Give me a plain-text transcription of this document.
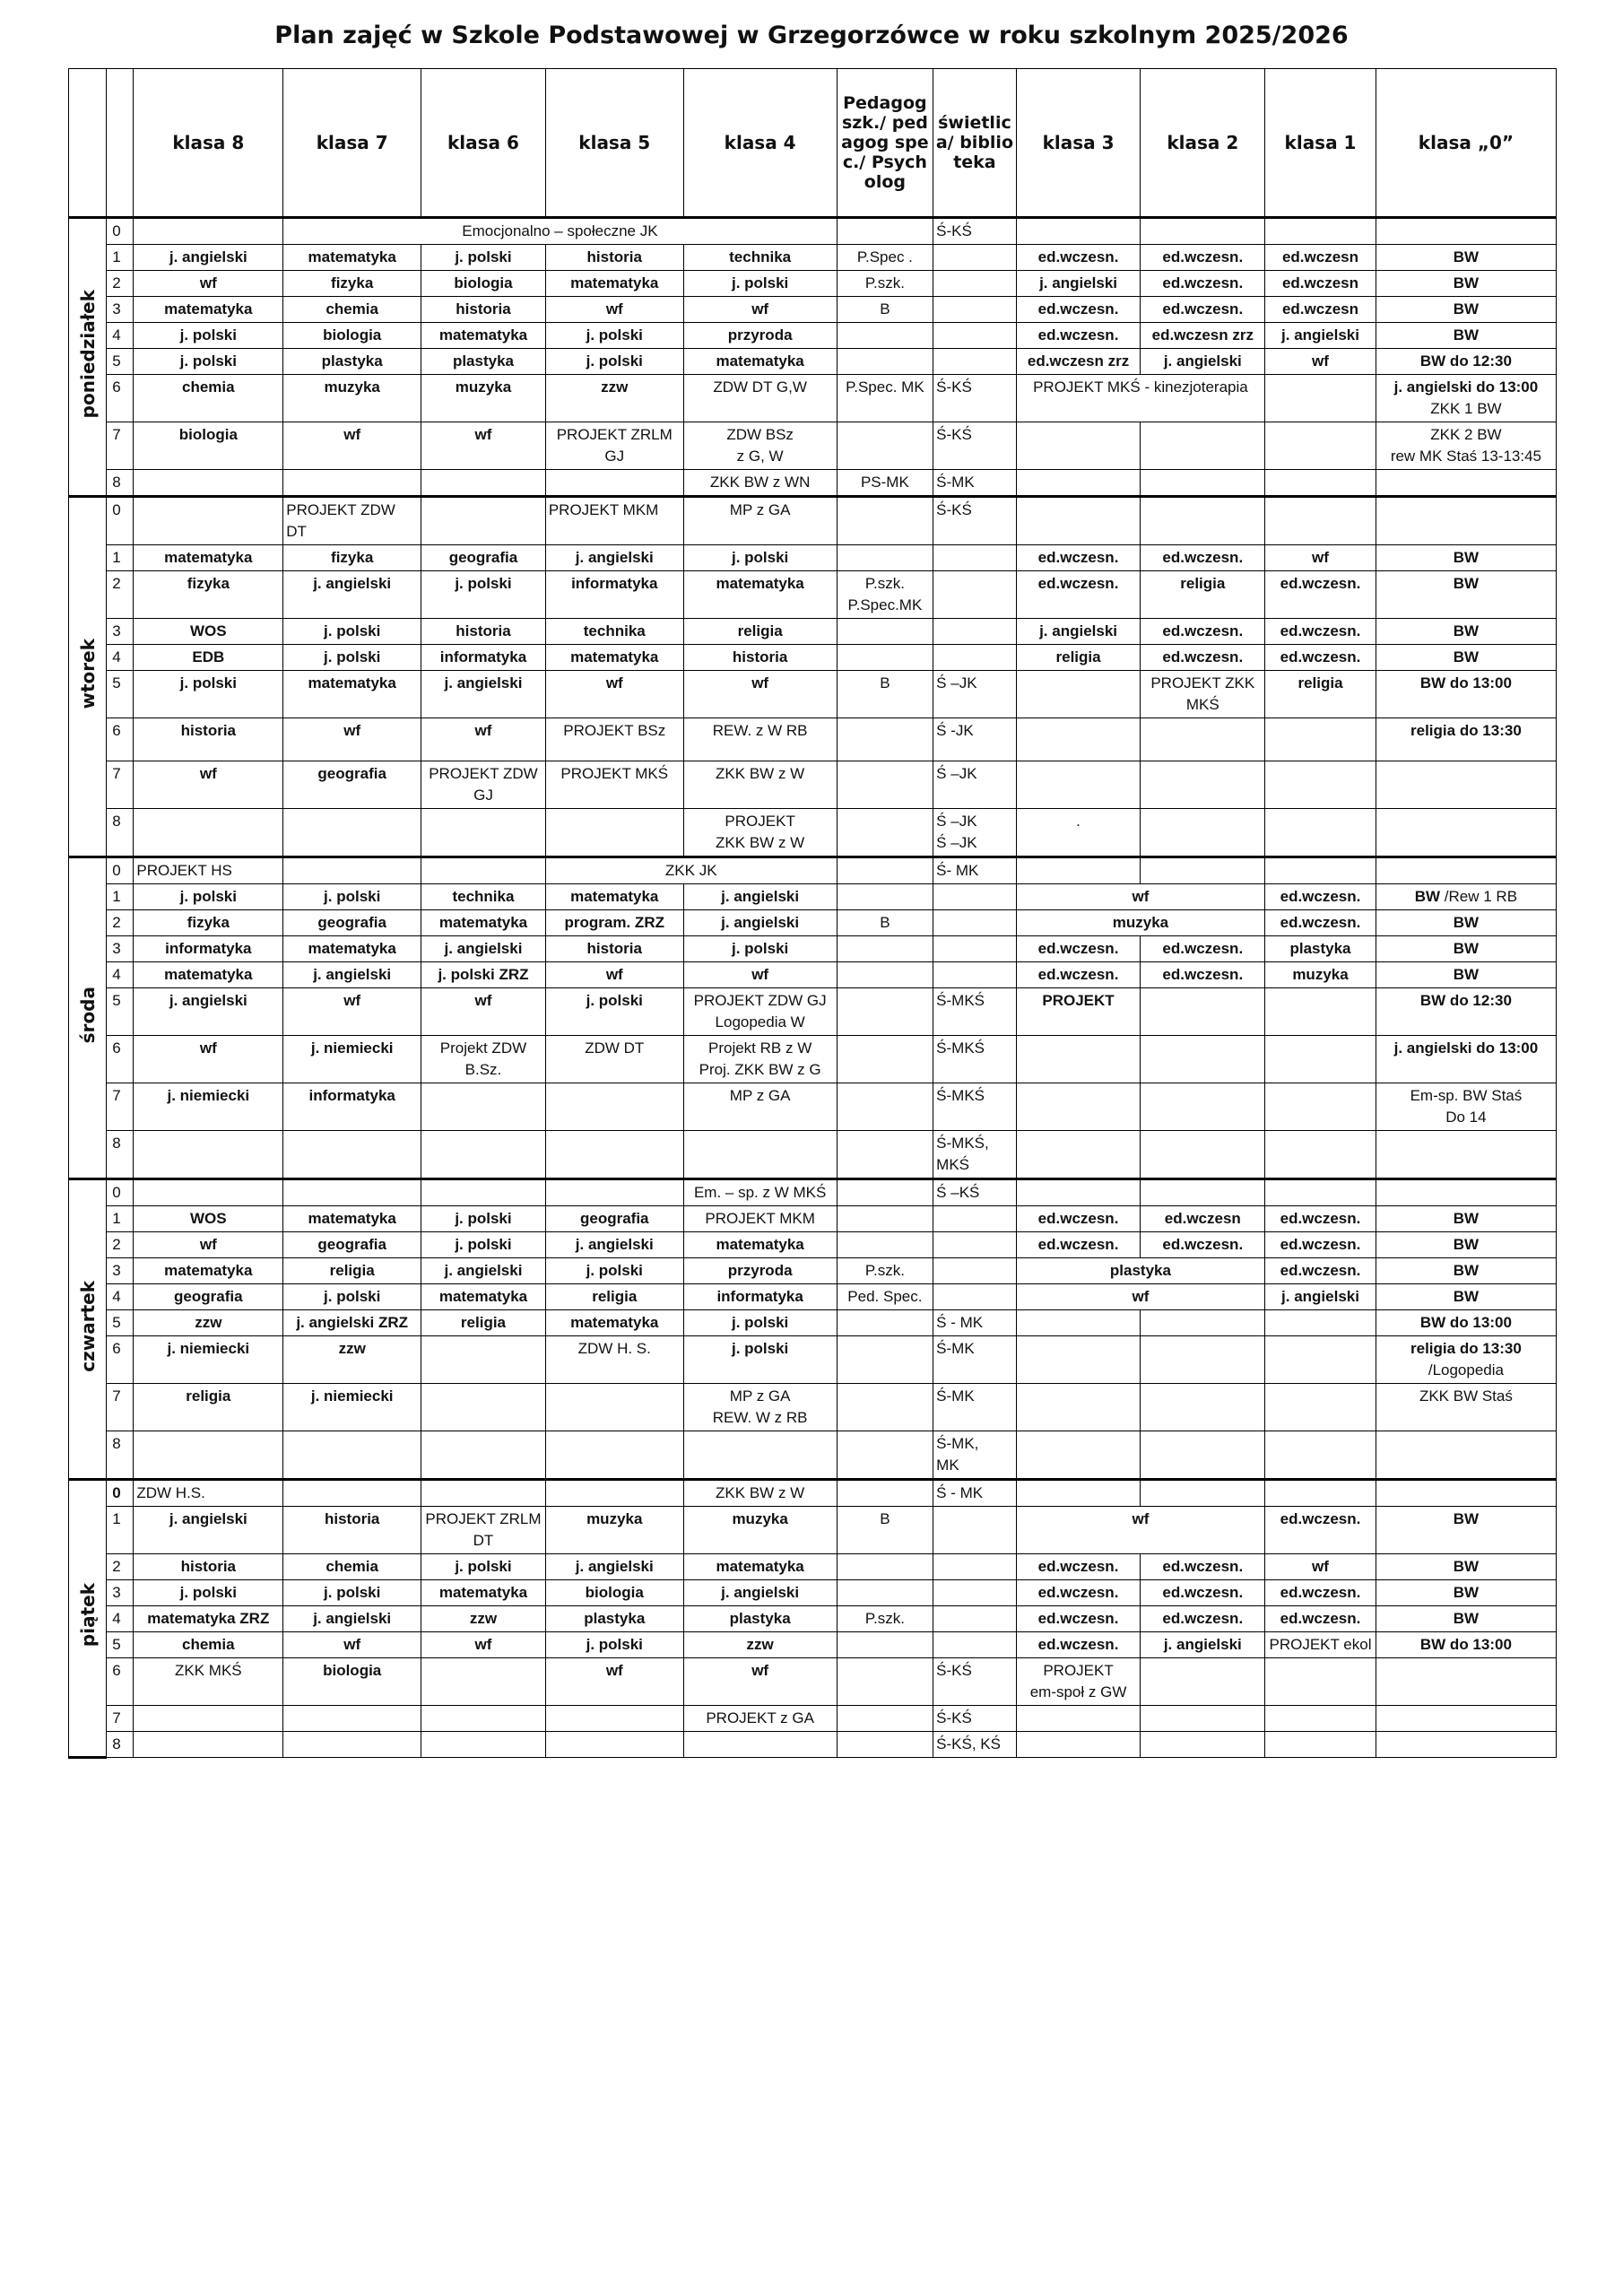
Plan zajęć w Szkole Podstawowej w Grzegorzówce w roku szkolnym 2025/2026
		klasa 8	klasa 7	klasa 6	klasa 5	klasa 4	Pedagog szk./ pedagog spec./ Psycholog	świetlica/ biblioteka	klasa 3	klasa 2	klasa 1	klasa „0”
poniedziałek	0		Emocjonalno – społeczne JK					Ś-KŚ				
	1	j. angielski	matematyka	j. polski	historia	technika	P.Spec .		ed.wczesn.	ed.wczesn.	ed.wczesn	BW
	2	wf	fizyka	biologia	matematyka	j. polski	P.szk.		j. angielski	ed.wczesn.	ed.wczesn	BW
	3	matematyka	chemia	historia	wf	wf	B		ed.wczesn.	ed.wczesn.	ed.wczesn	BW
	4	j. polski	biologia	matematyka	j. polski	przyroda			ed.wczesn.	ed.wczesn zrz	j. angielski	BW
	5	j. polski	plastyka	plastyka	j. polski	matematyka			ed.wczesn zrz	j. angielski	wf	BW do 12:30
	6	chemia	muzyka	muzyka	zzw	ZDW DT G,W	P.Spec. MK	Ś-KŚ	PROJEKT MKŚ - kinezjoterapia			j. angielski do 13:00
ZKK 1 BW
	7	biologia	wf	wf	PROJEKT ZRLM GJ	ZDW BSz
z G, W		Ś-KŚ				ZKK 2 BW
rew MK Staś 13-13:45
	8					ZKK BW z WN	PS-MK	Ś-MK				
wtorek	0		PROJEKT ZDW DT		PROJEKT MKM	MP z GA		Ś-KŚ				
	1	matematyka	fizyka	geografia	j. angielski	j. polski			ed.wczesn.	ed.wczesn.	wf	BW
	2	fizyka	j. angielski	j. polski	informatyka	matematyka	P.szk.
P.Spec.MK		ed.wczesn.	religia	ed.wczesn.	BW
	3	WOS	j. polski	historia	technika	religia			j. angielski	ed.wczesn.	ed.wczesn.	BW
	4	EDB	j. polski	informatyka	matematyka	historia			religia	ed.wczesn.	ed.wczesn.	BW
	5	j. polski	matematyka	j. angielski	wf	wf	B	Ś –JK		PROJEKT ZKK MKŚ	religia	BW do 13:00
	6	historia	wf	wf	PROJEKT BSz	REW. z W RB		Ś -JK				religia do 13:30
	7	wf	geografia	PROJEKT ZDW GJ	PROJEKT MKŚ	ZKK BW z W		Ś –JK				
	8					PROJEKT
ZKK BW z W		Ś –JK
Ś –JK	.			
środa	0	PROJEKT HS			ZKK JK			Ś- MK				
	1	j. polski	j. polski	technika	matematyka	j. angielski			wf		ed.wczesn.	BW /Rew 1 RB
	2	fizyka	geografia	matematyka	program. ZRZ	j. angielski	B		muzyka		ed.wczesn.	BW
	3	informatyka	matematyka	j. angielski	historia	j. polski			ed.wczesn.	ed.wczesn.	plastyka	BW
	4	matematyka	j. angielski	j. polski ZRZ	wf	wf			ed.wczesn.	ed.wczesn.	muzyka	BW
	5	j. angielski	wf	wf	j. polski	PROJEKT ZDW GJ
Logopedia W		Ś-MKŚ	PROJEKT			BW do 12:30
	6	wf	j. niemiecki	Projekt ZDW B.Sz.	ZDW DT	Projekt RB z W
Proj. ZKK BW z G		Ś-MKŚ				j. angielski do 13:00
	7	j. niemiecki	informatyka			MP z GA		Ś-MKŚ				Em-sp. BW Staś
Do 14
	8							Ś-MKŚ,
MKŚ				
czwartek	0					Em. – sp. z W MKŚ		Ś –KŚ				
	1	WOS	matematyka	j. polski	geografia	PROJEKT MKM			ed.wczesn.	ed.wczesn	ed.wczesn.	BW
	2	wf	geografia	j. polski	j. angielski	matematyka			ed.wczesn.	ed.wczesn.	ed.wczesn.	BW
	3	matematyka	religia	j. angielski	j. polski	przyroda	P.szk.		plastyka		ed.wczesn.	BW
	4	geografia	j. polski	matematyka	religia	informatyka	Ped. Spec.		wf		j. angielski	BW
	5	zzw	j. angielski ZRZ	religia	matematyka	j. polski		Ś - MK				BW do 13:00
	6	j. niemiecki	zzw		ZDW H. S.	j. polski		Ś-MK				religia do 13:30
/Logopedia
	7	religia	j. niemiecki			MP z GA
REW. W z RB		Ś-MK				ZKK BW Staś
	8							Ś-MK,
MK				
piątek	0	ZDW H.S.				ZKK BW z W		Ś - MK				
	1	j. angielski	historia	PROJEKT ZRLM DT	muzyka	muzyka	B		wf		ed.wczesn.	BW
	2	historia	chemia	j. polski	j. angielski	matematyka			ed.wczesn.	ed.wczesn.	wf	BW
	3	j. polski	j. polski	matematyka	biologia	j. angielski			ed.wczesn.	ed.wczesn.	ed.wczesn.	BW
	4	matematyka ZRZ	j. angielski	zzw	plastyka	plastyka	P.szk.		ed.wczesn.	ed.wczesn.	ed.wczesn.	BW
	5	chemia	wf	wf	j. polski	zzw			ed.wczesn.	j. angielski	PROJEKT ekol	BW do 13:00
	6	ZKK MKŚ	biologia		wf	wf		Ś-KŚ	PROJEKT
em-społ z GW			
	7					PROJEKT z GA		Ś-KŚ				
	8							Ś-KŚ, KŚ				
